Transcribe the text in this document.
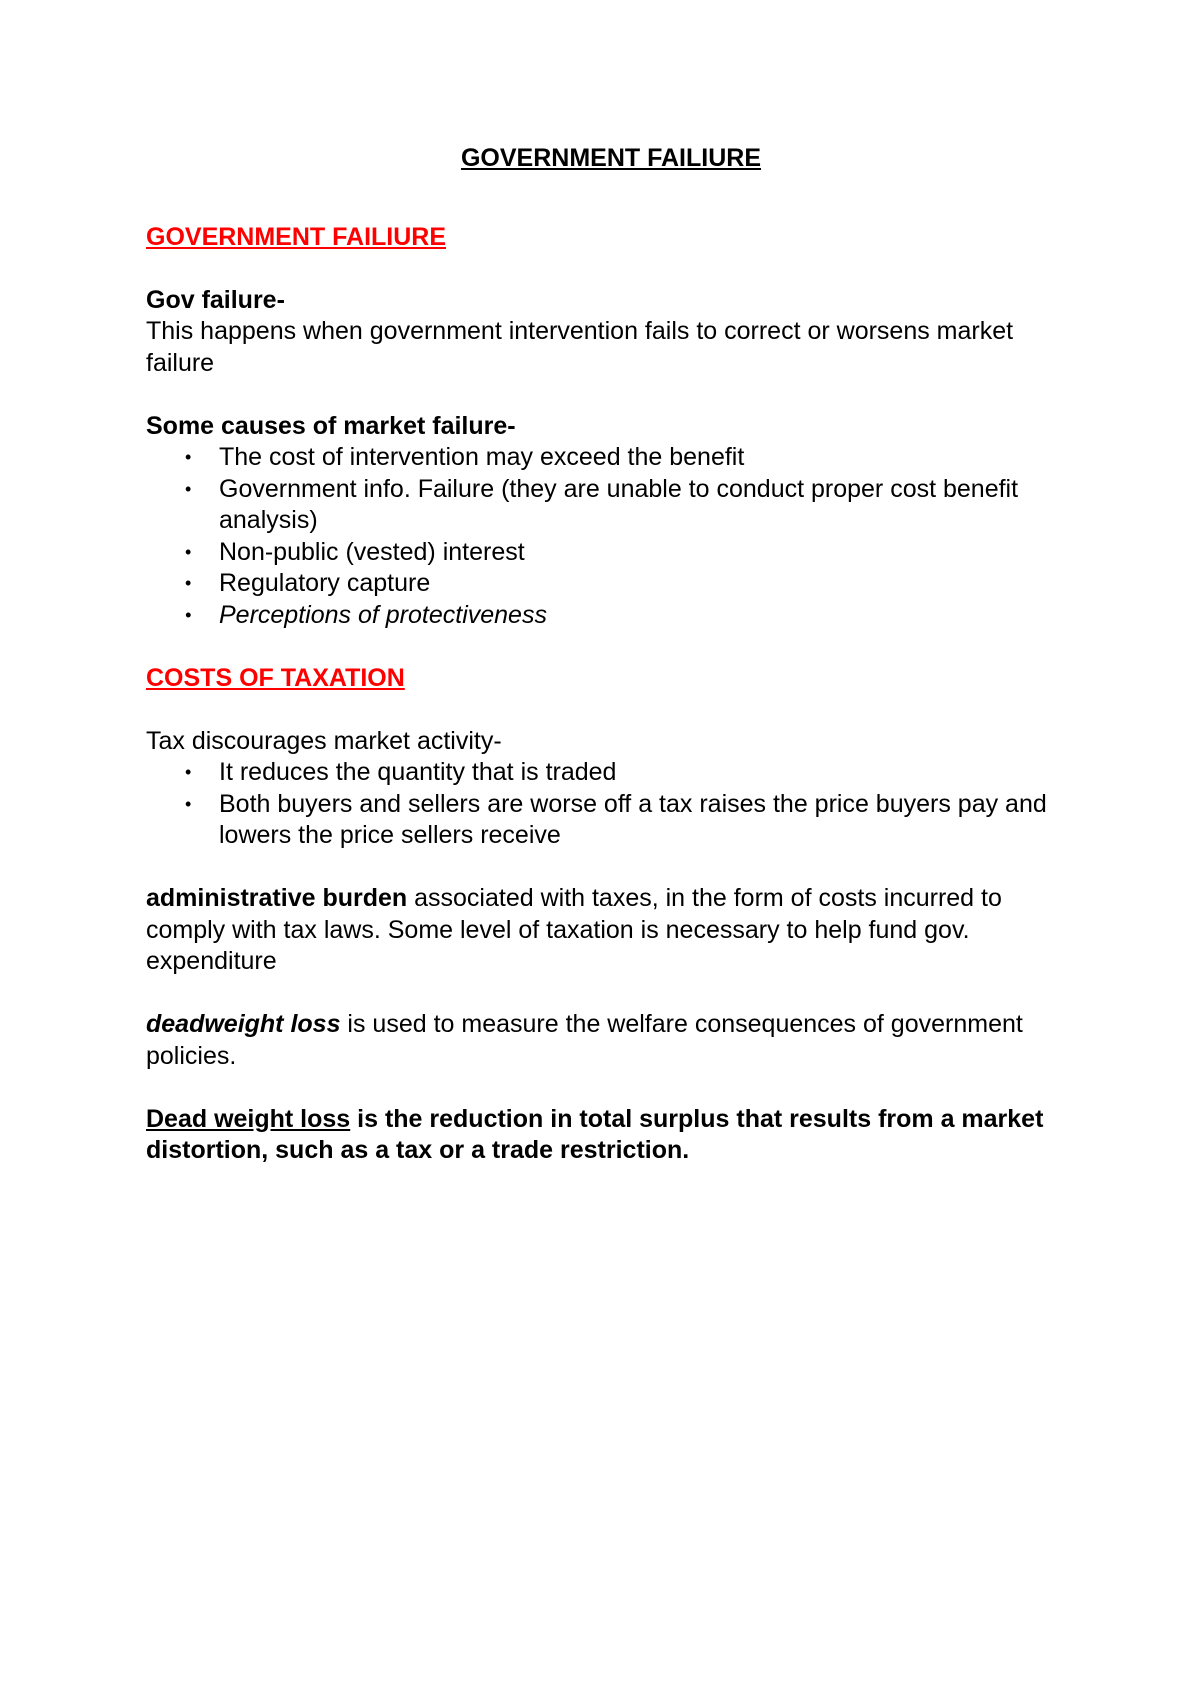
GOVERNMENT FAILIURE
GOVERNMENT FAILIURE

Gov failure-

This happens when government intervention fails to correct or worsens market failure

Some causes of market failure-

• The cost of intervention may exceed the benefit
• Government info. Failure (they are unable to conduct proper cost benefit analysis)
• Non-public (vested) interest
• Regulatory capture
• Perceptions of protectiveness
COSTS OF TAXATION

Tax discourages market activity-

• It reduces the quantity that is traded
• Both buyers and sellers are worse off a tax raises the price buyers pay and lowers the price sellers receive

administrative burden associated with taxes, in the form of costs incurred to comply with tax laws. Some level of taxation is necessary to help fund gov. expenditure

deadweight loss is used to measure the welfare consequences of government policies.

Dead weight loss is the reduction in total surplus that results from a market distortion, such as a tax or a trade restriction.
